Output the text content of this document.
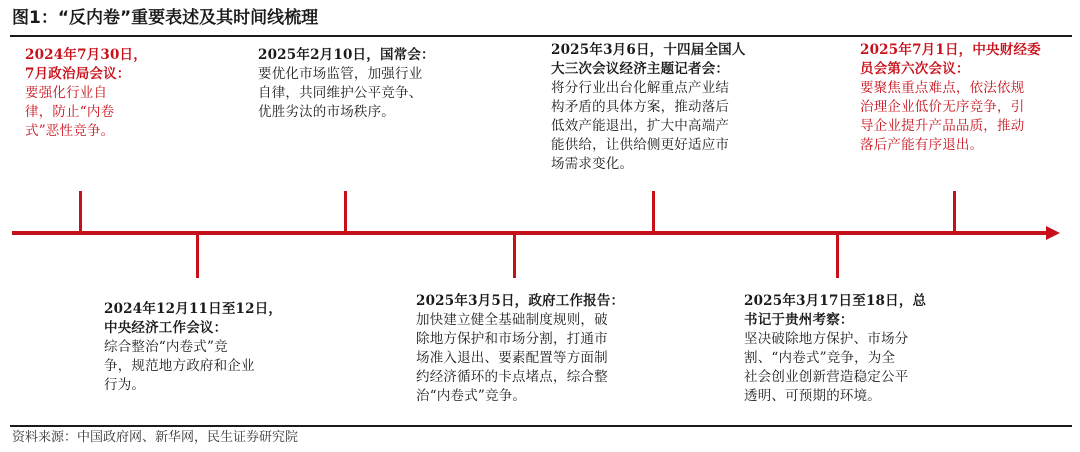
图1：“反内卷”重要表述及其时间线梳理
2024年7月30日，
7月政治局会议：
要强化行业自
律，防止“内卷
式”恶性竞争。
2024年12月11日至12日，
中央经济工作会议：
综合整治“内卷式”竞
争，规范地方政府和企业
行为。
2025年2月10日，国常会：
要优化市场监管，加强行业
自律，共同维护公平竞争、
优胜劣汰的市场秩序。
2025年3月5日，政府工作报告：
加快建立健全基础制度规则，破
除地方保护和市场分割，打通市
场准入退出、要素配置等方面制
约经济循环的卡点堵点，综合整
治“内卷式”竞争。
2025年3月6日，十四届全国人
大三次会议经济主题记者会：
将分行业出台化解重点产业结
构矛盾的具体方案，推动落后
低效产能退出，扩大中高端产
能供给，让供给侧更好适应市
场需求变化。
2025年3月17日至18日，总
书记于贵州考察：
坚决破除地方保护、市场分
割、“内卷式”竞争，为全
社会创业创新营造稳定公平
透明、可预期的环境。
2025年7月1日，中央财经委
员会第六次会议：
要聚焦重点难点，依法依规
治理企业低价无序竞争，引
导企业提升产品品质，推动
落后产能有序退出。
资料来源：中国政府网、新华网，民生证券研究院
